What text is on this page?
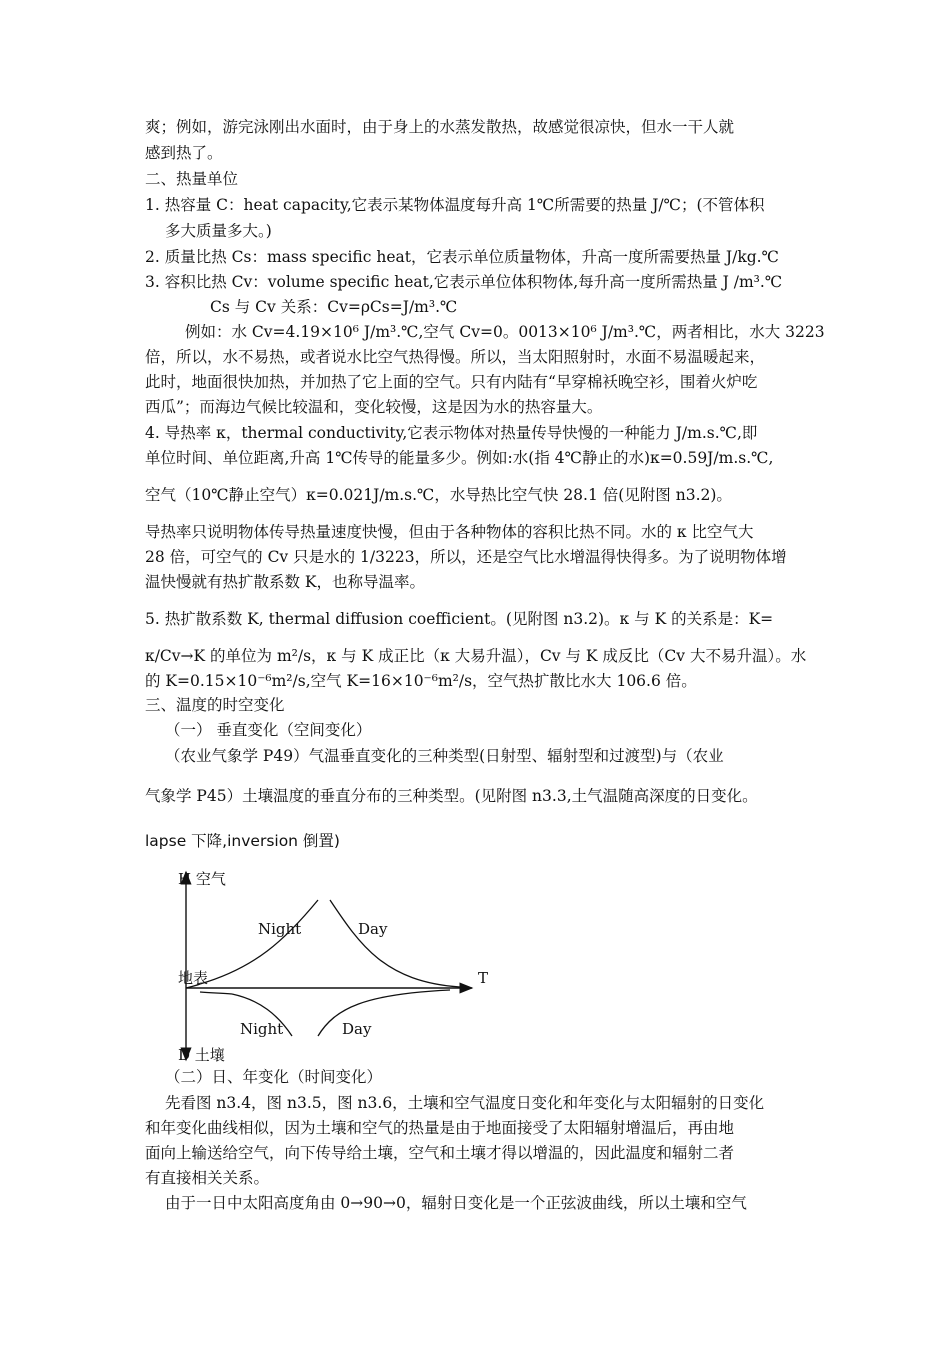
爽；例如，游完泳刚出水面时，由于身上的水蒸发散热，故感觉很凉快，但水一干人就
感到热了。
二、热量单位
1. 热容量 C：heat capacity,它表示某物体温度每升高 1℃所需要的热量 J/℃；(不管体积
多大质量多大。)
2. 质量比热 Cs：mass specific heat，它表示单位质量物体，升高一度所需要热量 J/kg.℃
3. 容积比热 Cv：volume specific heat,它表示单位体积物体,每升高一度所需热量 J /m³.℃
Cs 与 Cv 关系：Cv=ρCs=J/m³.℃
例如：水 Cv=4.19×10⁶ J/m³.℃,空气 Cv=0。0013×10⁶ J/m³.℃，两者相比，水大 3223
倍，所以，水不易热，或者说水比空气热得慢。所以，当太阳照射时，水面不易温暖起来，
此时，地面很快加热，并加热了它上面的空气。只有内陆有“早穿棉袄晚空衫，围着火炉吃
西瓜”；而海边气候比较温和，变化较慢，这是因为水的热容量大。
4. 导热率 κ，thermal conductivity,它表示物体对热量传导快慢的一种能力 J/m.s.℃,即
单位时间、单位距离,升高 1℃传导的能量多少。例如:水(指 4℃静止的水)κ=0.59J/m.s.℃,
空气（10℃静止空气）κ=0.021J/m.s.℃，水导热比空气快 28.1 倍(见附图 n3.2)。
导热率只说明物体传导热量速度快慢，但由于各种物体的容积比热不同。水的 κ 比空气大
28 倍，可空气的 Cv 只是水的 1/3223，所以，还是空气比水增温得快得多。为了说明物体增
温快慢就有热扩散系数 K，也称导温率。
5. 热扩散系数 K, thermal diffusion coefficient。(见附图 n3.2)。κ 与 K 的关系是：K=
κ/Cv→K 的单位为 m²/s，κ 与 K 成正比（κ 大易升温），Cv 与 K 成反比（Cv 大不易升温）。水
的 K=0.15×10⁻⁶m²/s,空气 K=16×10⁻⁶m²/s，空气热扩散比水大 106.6 倍。
三、温度的时空变化
（一） 垂直变化（空间变化）
（农业气象学 P49）气温垂直变化的三种类型(日射型、辐射型和过渡型)与（农业
气象学 P45）土壤温度的垂直分布的三种类型。(见附图 n3.3,土气温随高深度的日变化。
lapse 下降,inversion 倒置)
H 空气
Night	Day
地表	T
Night	Day
D 土壤
（二）日、年变化（时间变化）
先看图 n3.4，图 n3.5，图 n3.6，土壤和空气温度日变化和年变化与太阳辐射的日变化
和年变化曲线相似，因为土壤和空气的热量是由于地面接受了太阳辐射增温后，再由地
面向上输送给空气，向下传导给土壤，空气和土壤才得以增温的，因此温度和辐射二者
有直接相关关系。
由于一日中太阳高度角由 0→90→0，辐射日变化是一个正弦波曲线，所以土壤和空气
